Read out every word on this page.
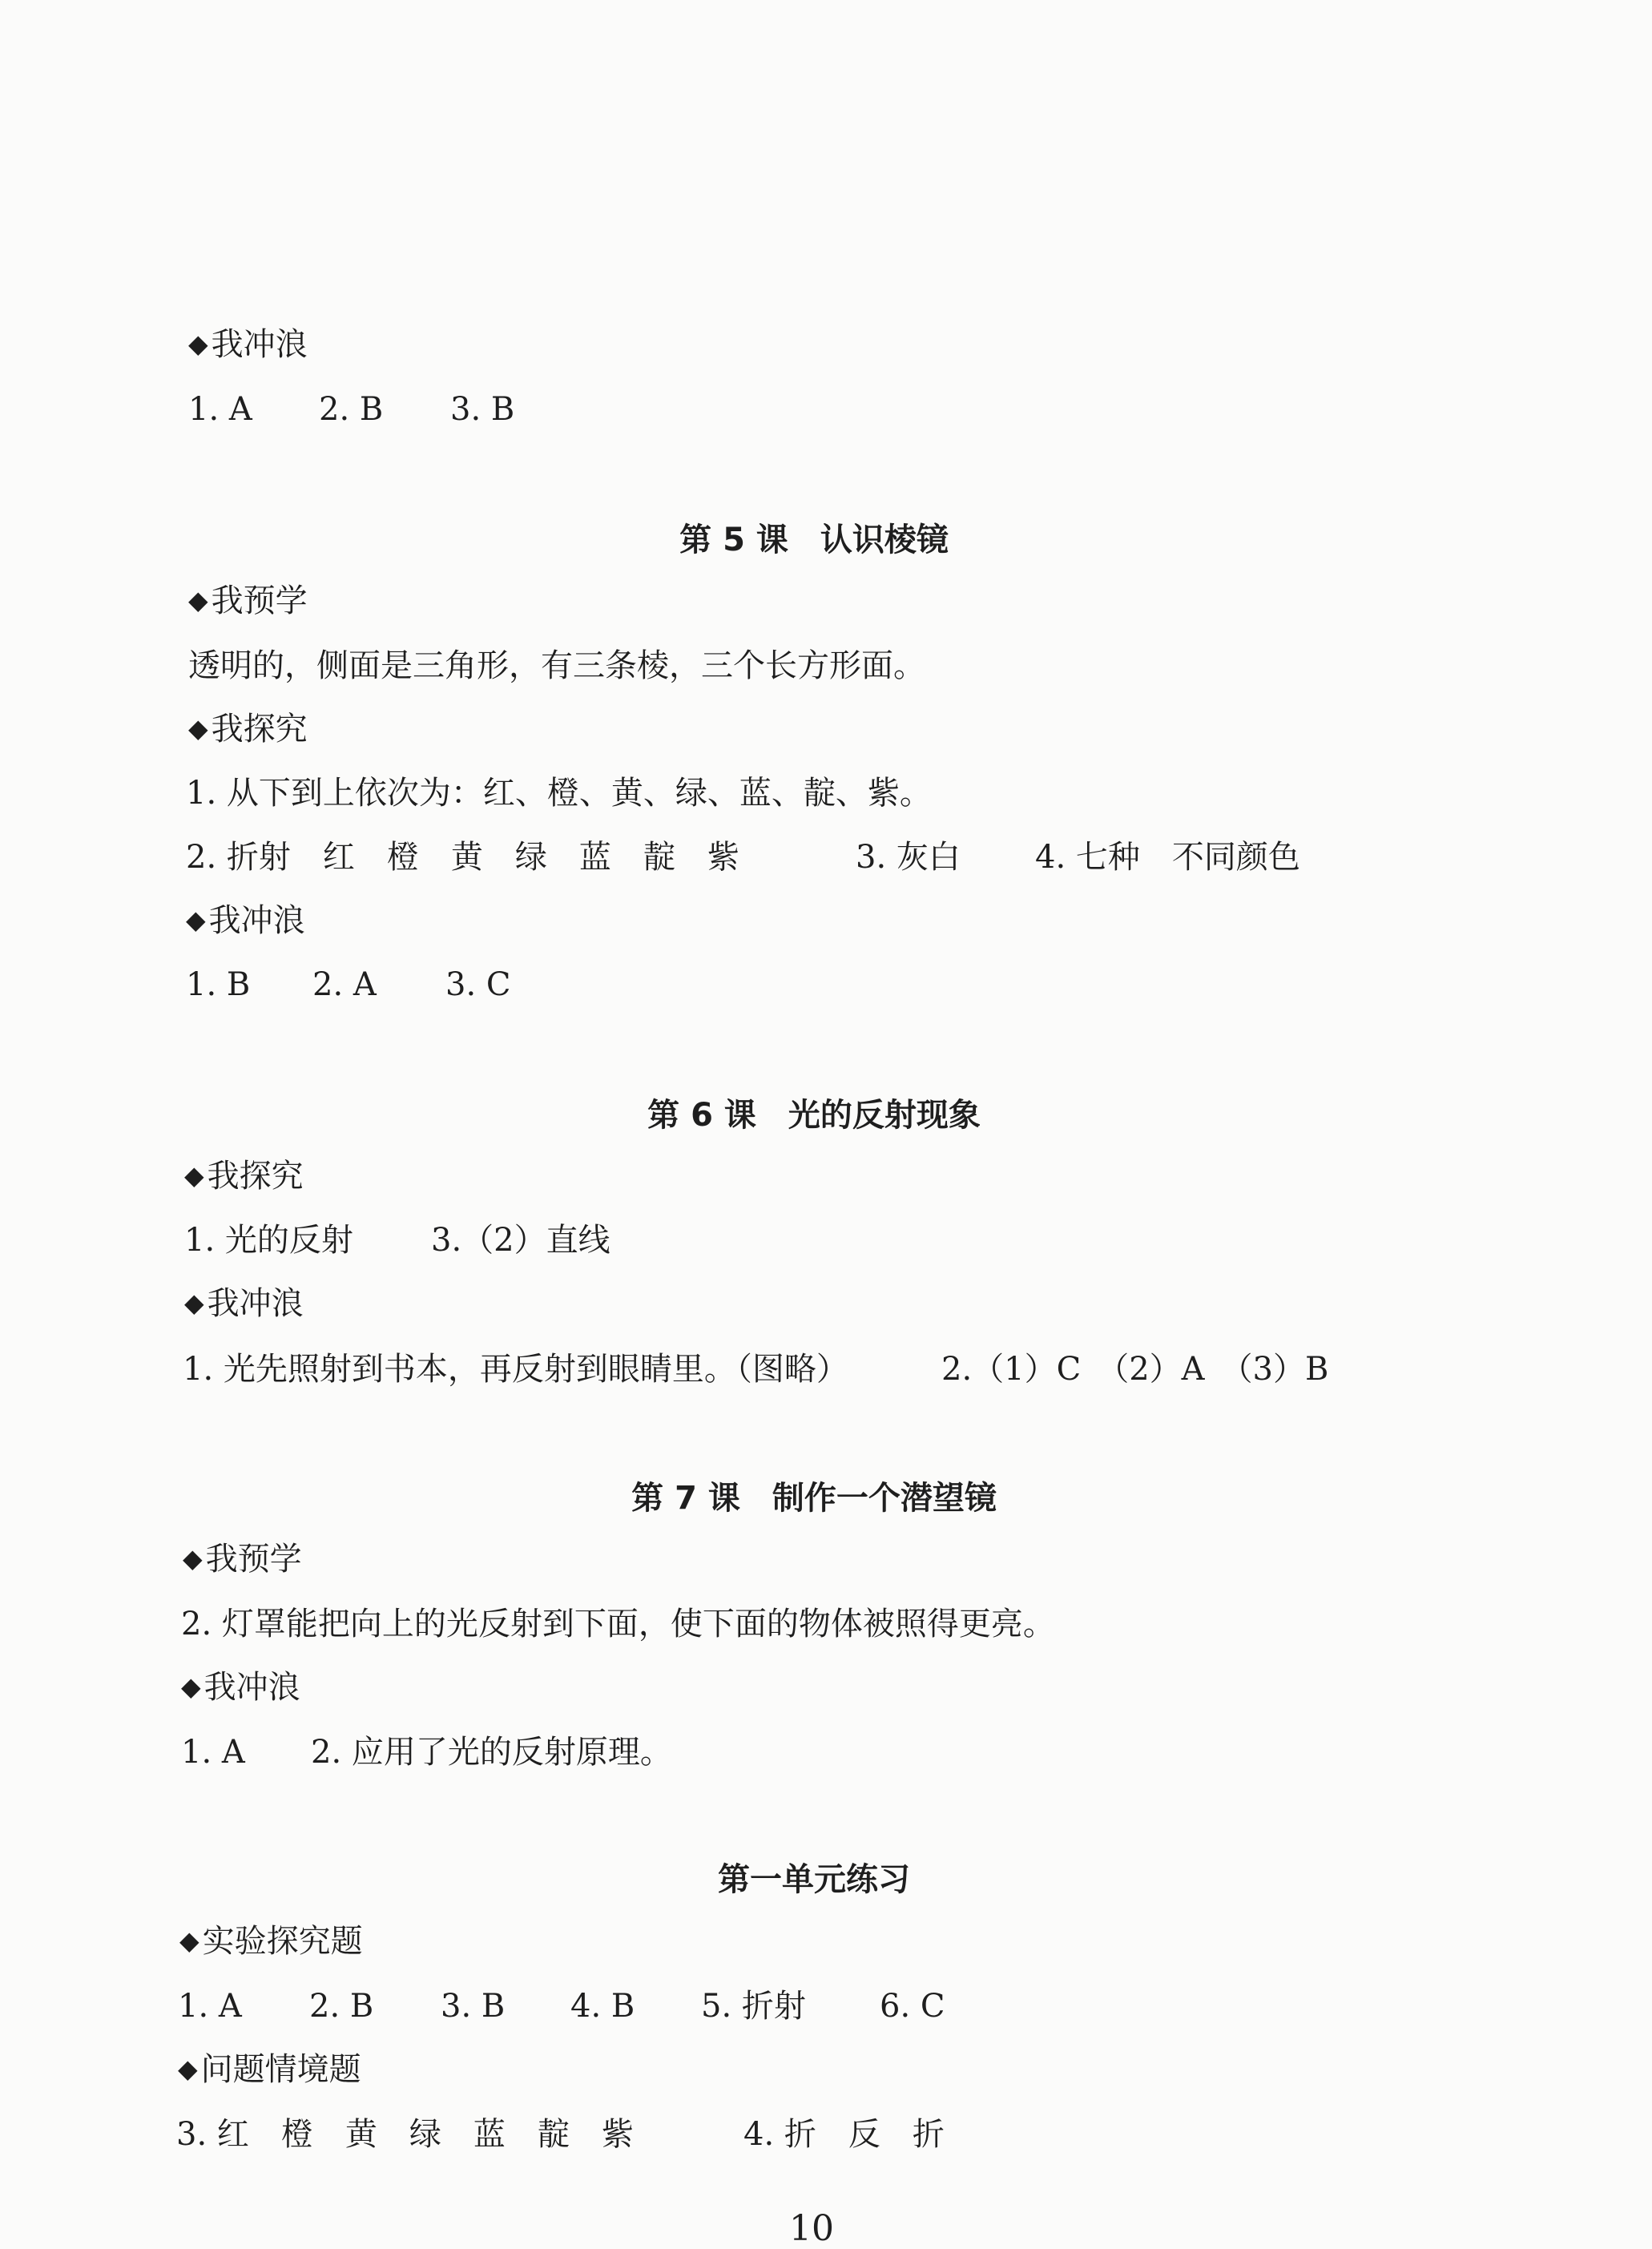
◆ 我冲浪
1. A 2. B 3. B
第 5 课　认识棱镜
◆ 我预学
透明的，侧面是三角形，有三条棱，三个长方形面。
◆ 我探究
1. 从下到上依次为：红、橙、黄、绿、蓝、靛、紫。
2. 折射　红　橙　黄　绿　蓝　靛　紫	3. 灰白 4. 七种　不同颜色
◆ 我冲浪
1. B 2. A 3. C
第 6 课　光的反射现象
◆ 我探究
1. 光的反射 3.（2）直线
◆ 我冲浪
1. 光先照射到书本，再反射到眼睛里。（图略）	2.（1）C　（2）A　（3）B
第 7 课　制作一个潜望镜
◆ 我预学
2. 灯罩能把向上的光反射到下面，使下面的物体被照得更亮。
◆ 我冲浪
1. A 2. 应用了光的反射原理。
第一单元练习
◆ 实验探究题
1. A 2. B 3. B 4. B 5. 折射 6. C
◆ 问题情境题
3. 红　橙　黄　绿　蓝　靛　紫	4. 折　反　折
10
